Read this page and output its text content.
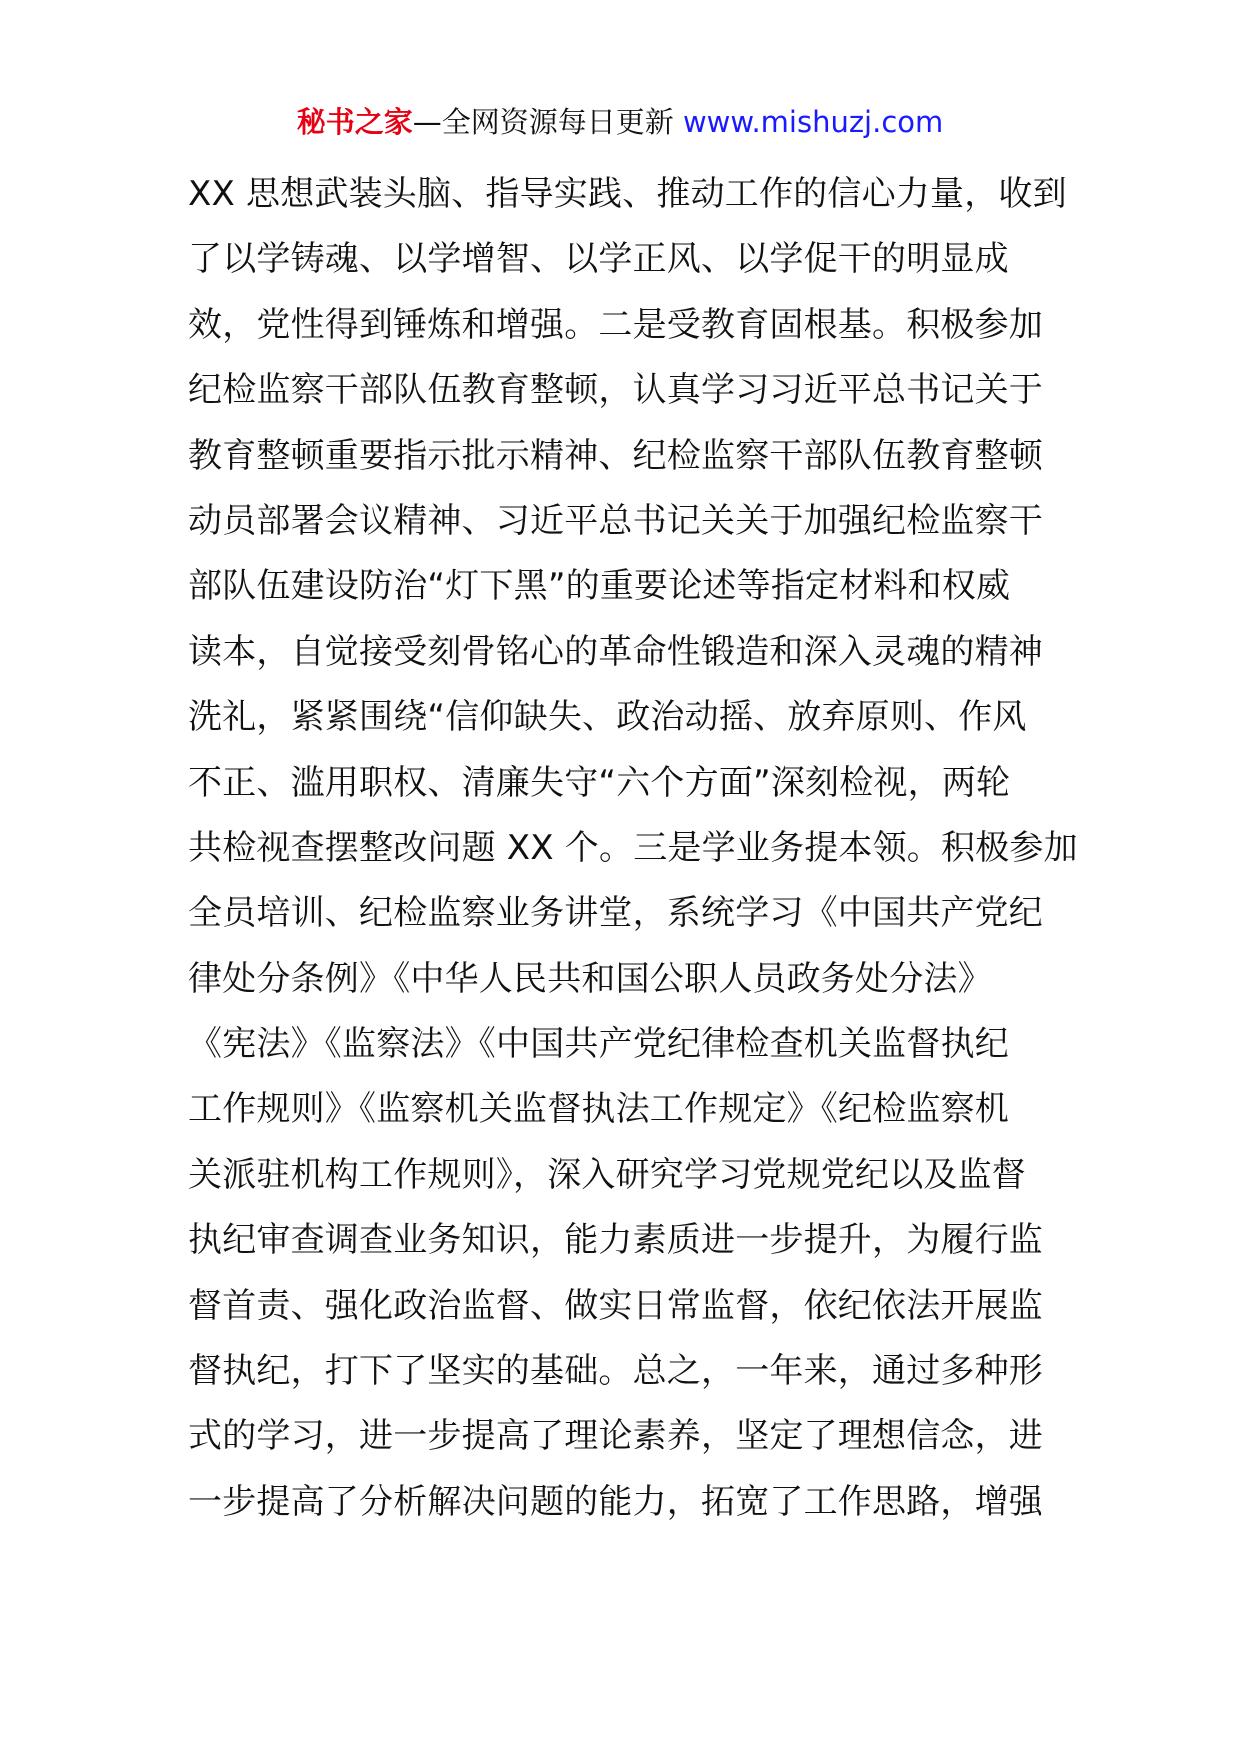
秘书之家—全网资源每日更新 www.mishuzj.com
XX 思想武装头脑、指导实践、推动工作的信心力量，收到
了以学铸魂、以学增智、以学正风、以学促干的明显成
效，党性得到锤炼和增强。二是受教育固根基。积极参加
纪检监察干部队伍教育整顿，认真学习习近平总书记关于
教育整顿重要指示批示精神、纪检监察干部队伍教育整顿
动员部署会议精神、习近平总书记关关于加强纪检监察干
部队伍建设防治“灯下黑”的重要论述等指定材料和权威
读本，自觉接受刻骨铭心的革命性锻造和深入灵魂的精神
洗礼，紧紧围绕“信仰缺失、政治动摇、放弃原则、作风
不正、滥用职权、清廉失守“六个方面”深刻检视，两轮
共检视查摆整改问题 XX 个。三是学业务提本领。积极参加
全员培训、纪检监察业务讲堂，系统学习《中国共产党纪
律处分条例》《中华人民共和国公职人员政务处分法》
《宪法》《监察法》《中国共产党纪律检查机关监督执纪
工作规则》《监察机关监督执法工作规定》《纪检监察机
关派驻机构工作规则》，深入研究学习党规党纪以及监督
执纪审查调查业务知识，能力素质进一步提升，为履行监
督首责、强化政治监督、做实日常监督，依纪依法开展监
督执纪，打下了坚实的基础。总之，一年来，通过多种形
式的学习，进一步提高了理论素养，坚定了理想信念，进
一步提高了分析解决问题的能力，拓宽了工作思路，增强
